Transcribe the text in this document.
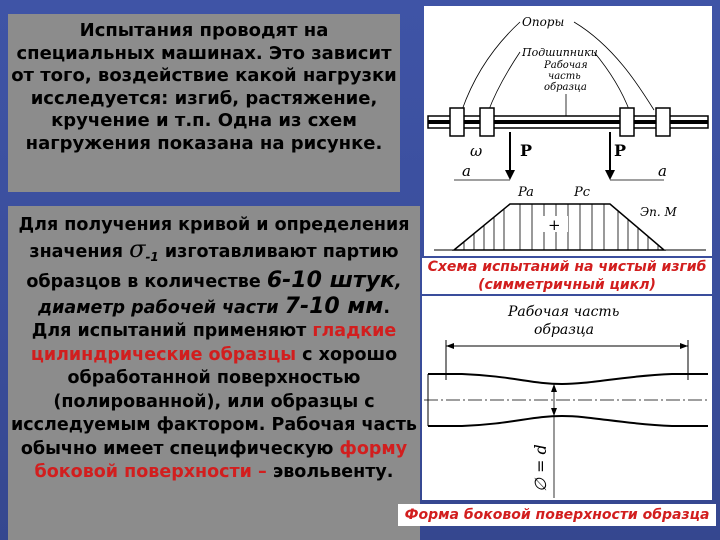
Испытания проводят на специальных машинах. Это зависит от того, воздействие какой нагрузки исследуется: изгиб, растяжение, кручение и т.п. Одна из схем нагружения показана на рисунке.
Для получения кривой и определения значения $\sigma_{-1}$ изготавливают партию образцов в количестве 6-10 штук, диаметр рабочей части 7-10 мм.
Для испытаний применяют гладкие цилиндрические образцы с хорошо обработанной поверхностью (полированной), или образцы с исследуемым фактором. Рабочая часть обычно имеет специфическую форму боковой поверхности – эвольвенту.
Опоры
Подшипники
Рабочая
часть
образца
P	P
ω
a	a
+
Pa	Pc
Эп. М
Схема испытаний на чистый изгиб
(симметричный цикл)
Рабочая часть
образца
∅ = d
Форма боковой поверхности образца
